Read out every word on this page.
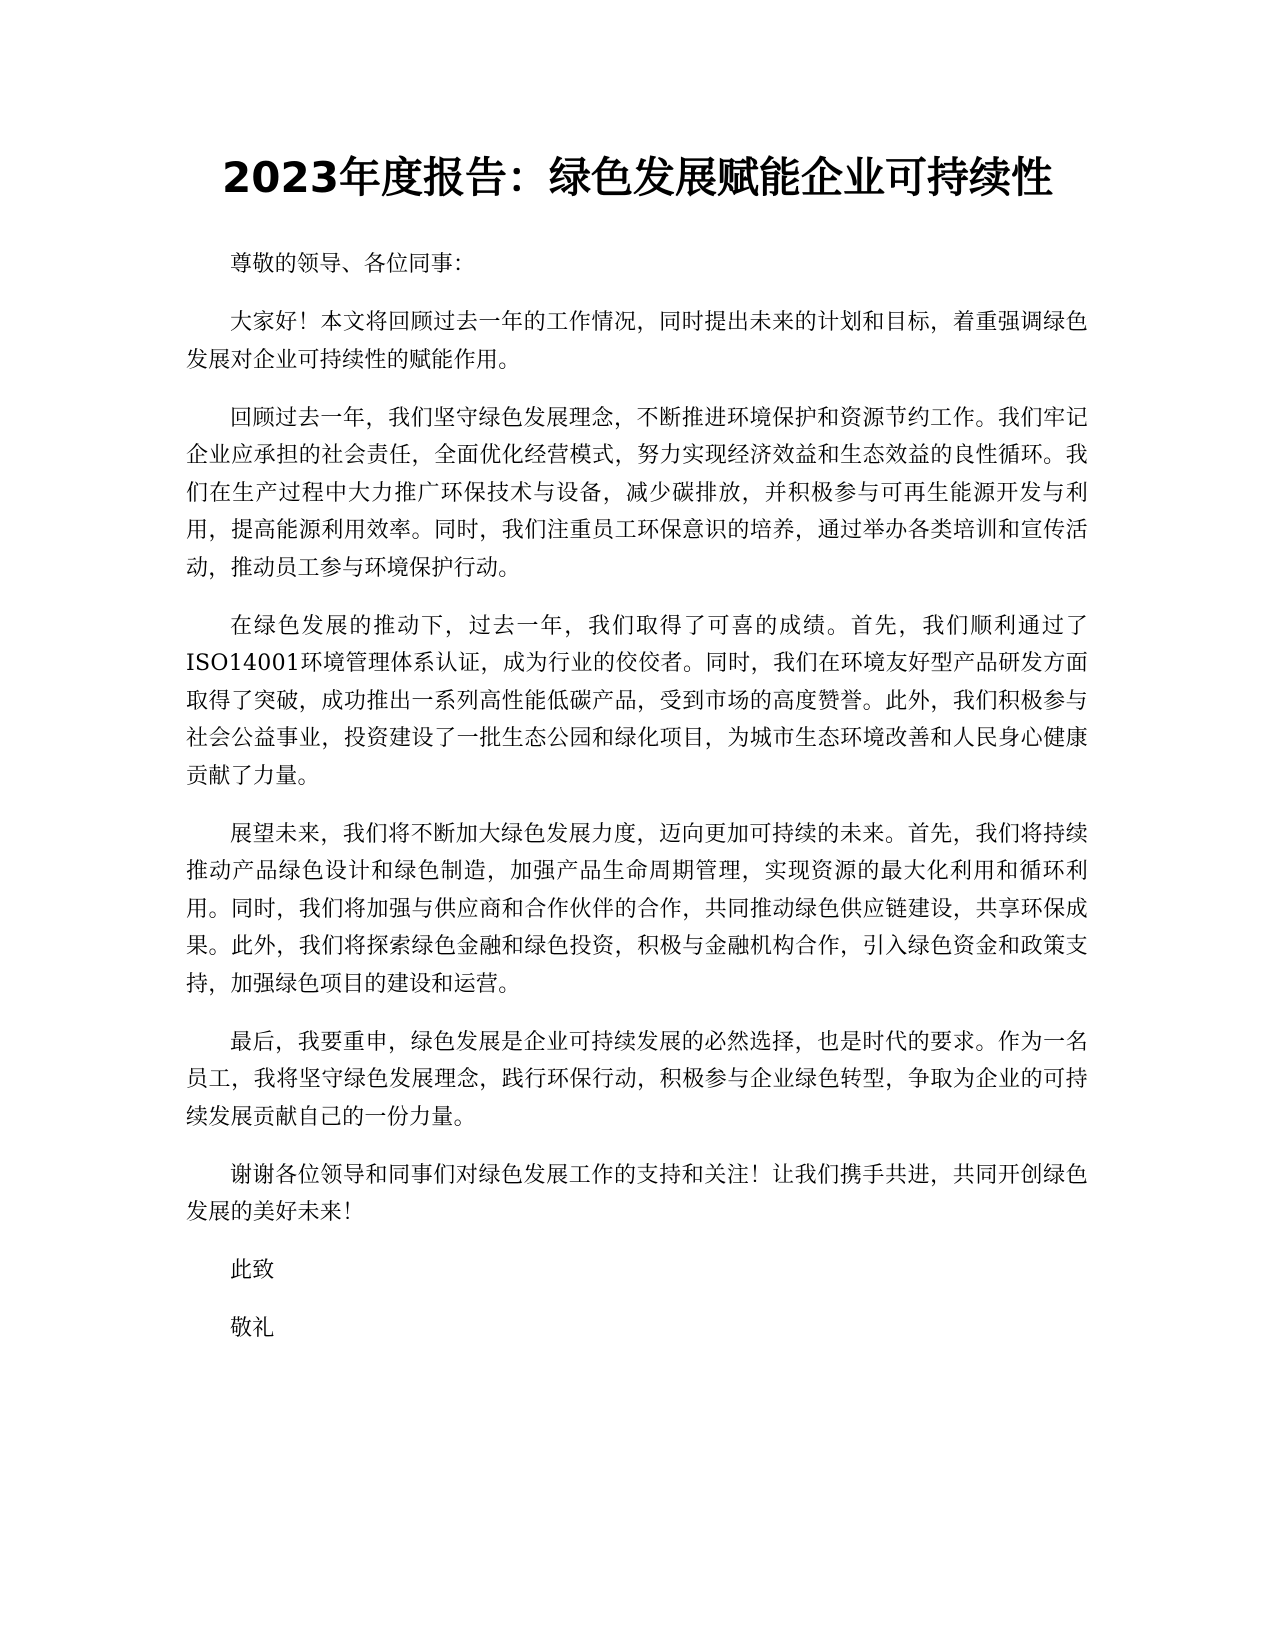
2023年度报告：绿色发展赋能企业可持续性

尊敬的领导、各位同事：

大家好！本文将回顾过去一年的工作情况，同时提出未来的计划和目标，着重强调绿色发展对企业可持续性的赋能作用。

回顾过去一年，我们坚守绿色发展理念，不断推进环境保护和资源节约工作。我们牢记企业应承担的社会责任，全面优化经营模式，努力实现经济效益和生态效益的良性循环。我们在生产过程中大力推广环保技术与设备，减少碳排放，并积极参与可再生能源开发与利用，提高能源利用效率。同时，我们注重员工环保意识的培养，通过举办各类培训和宣传活动，推动员工参与环境保护行动。

在绿色发展的推动下，过去一年，我们取得了可喜的成绩。首先，我们顺利通过了ISO14001环境管理体系认证，成为行业的佼佼者。同时，我们在环境友好型产品研发方面取得了突破，成功推出一系列高性能低碳产品，受到市场的高度赞誉。此外，我们积极参与社会公益事业，投资建设了一批生态公园和绿化项目，为城市生态环境改善和人民身心健康贡献了力量。

展望未来，我们将不断加大绿色发展力度，迈向更加可持续的未来。首先，我们将持续推动产品绿色设计和绿色制造，加强产品生命周期管理，实现资源的最大化利用和循环利用。同时，我们将加强与供应商和合作伙伴的合作，共同推动绿色供应链建设，共享环保成果。此外，我们将探索绿色金融和绿色投资，积极与金融机构合作，引入绿色资金和政策支持，加强绿色项目的建设和运营。

最后，我要重申，绿色发展是企业可持续发展的必然选择，也是时代的要求。作为一名员工，我将坚守绿色发展理念，践行环保行动，积极参与企业绿色转型，争取为企业的可持续发展贡献自己的一份力量。

谢谢各位领导和同事们对绿色发展工作的支持和关注！让我们携手共进，共同开创绿色发展的美好未来！

此致

敬礼
